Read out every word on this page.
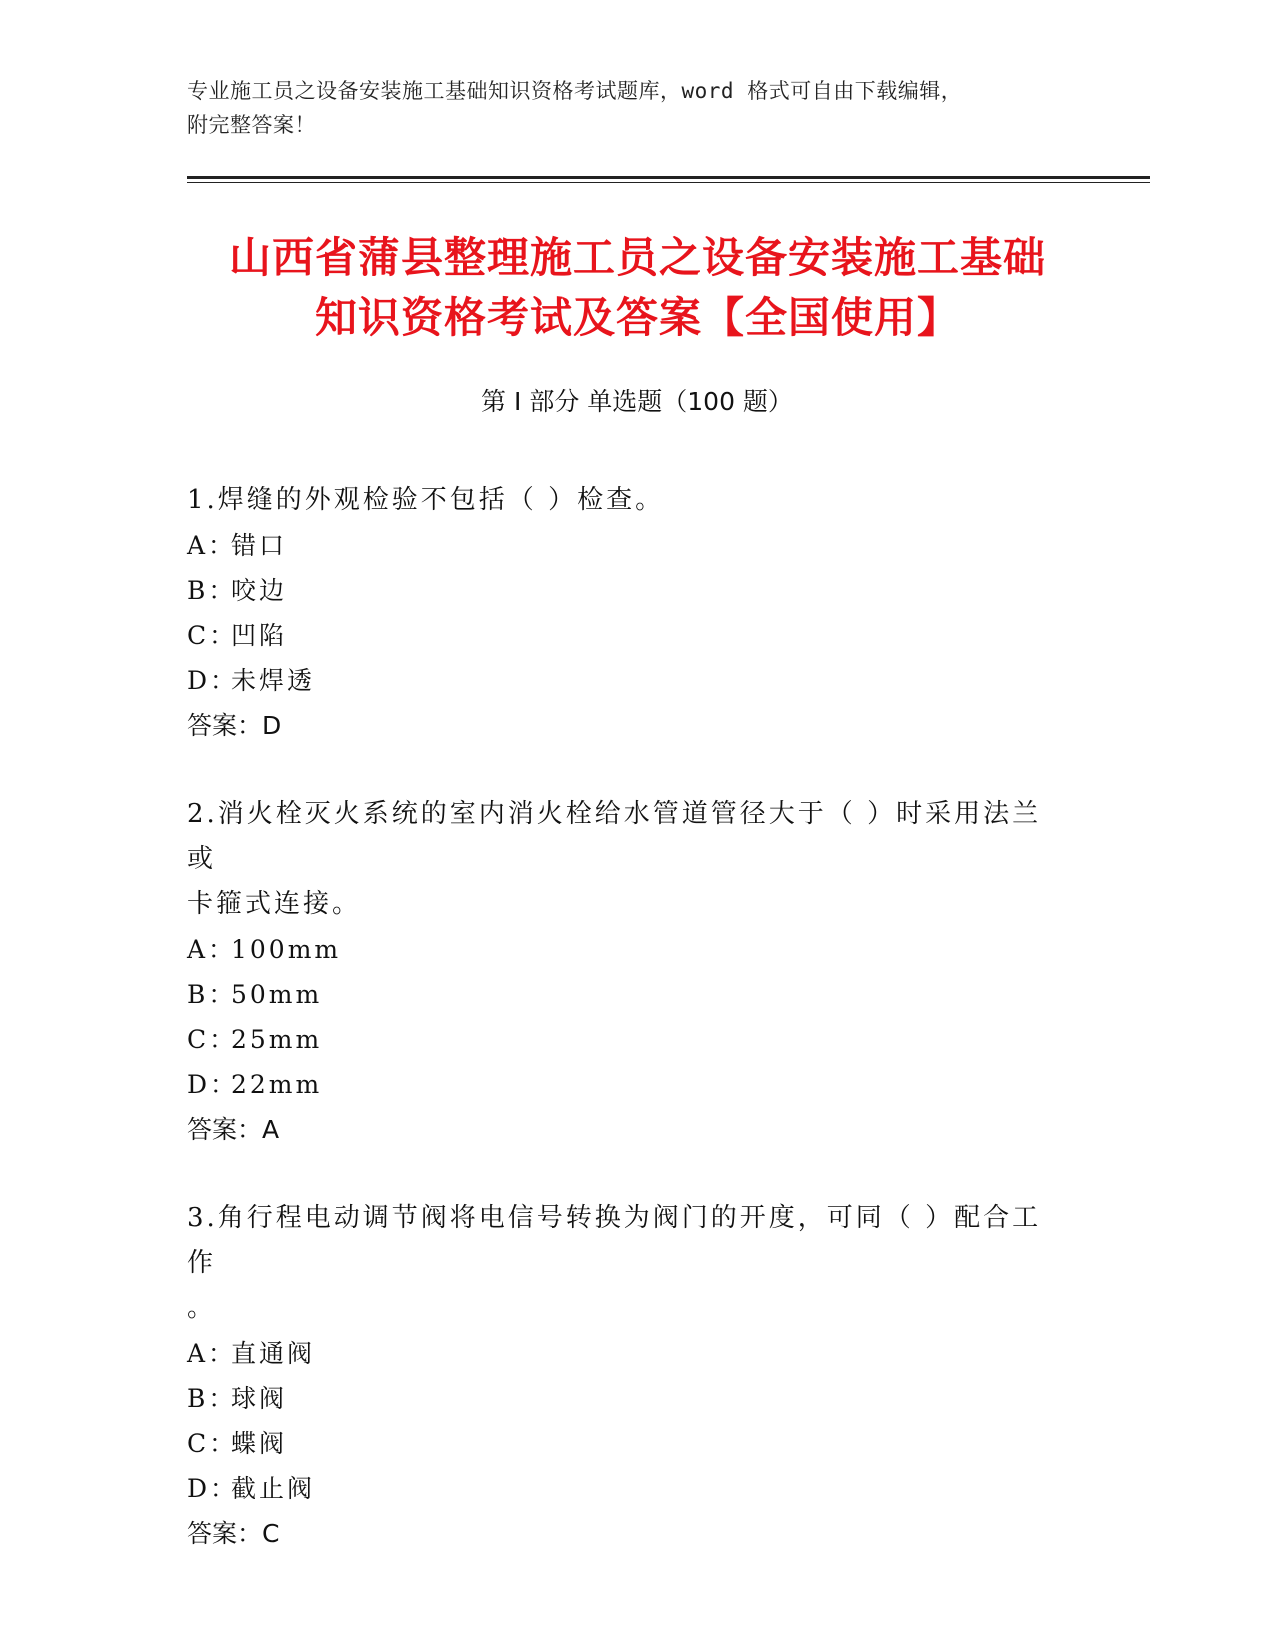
专业施工员之设备安装施工基础知识资格考试题库，word 格式可自由下载编辑，
附完整答案！
山西省蒲县整理施工员之设备安装施工基础
知识资格考试及答案【全国使用】
第 I 部分 单选题（100 题）

1.焊缝的外观检验不包括（ ）检查。

A：错口

B：咬边

C：凹陷

D：未焊透

答案：D

2.消火栓灭火系统的室内消火栓给水管道管径大于（ ）时采用法兰或

卡箍式连接。

A：100mm

B：50mm

C：25mm

D：22mm

答案：A

3.角行程电动调节阀将电信号转换为阀门的开度，可同（ ）配合工作

。

A：直通阀

B：球阀

C：蝶阀

D：截止阀

答案：C
